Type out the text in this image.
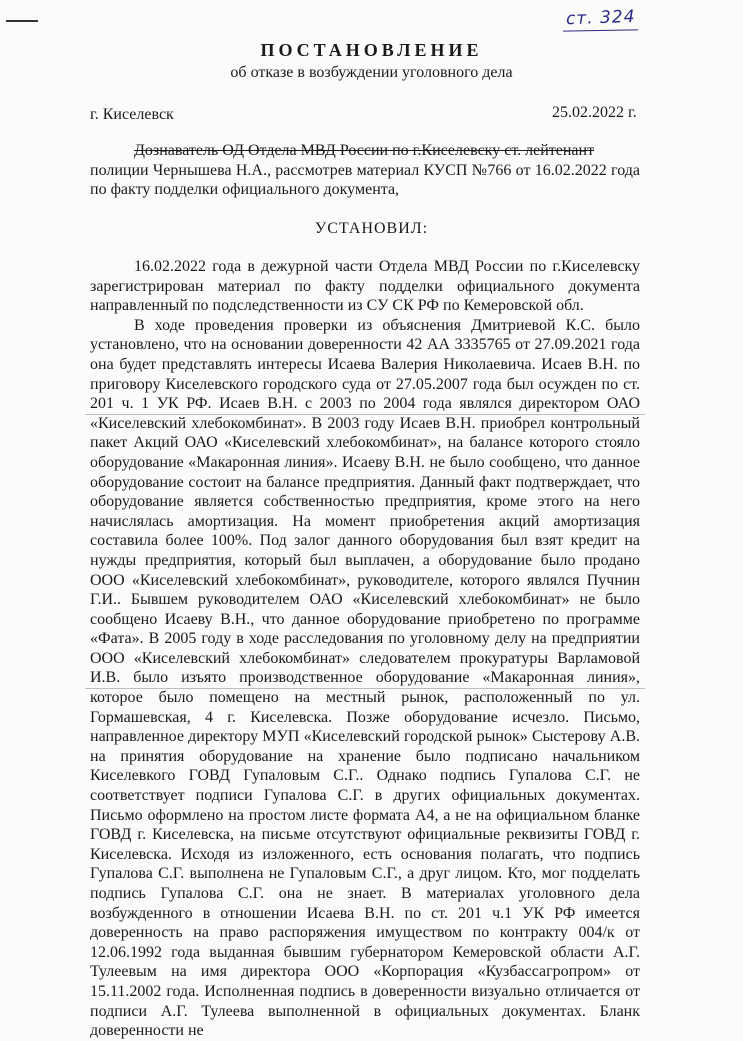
ст. 324
ПОСТАНОВЛЕНИЕ
об отказе в возбуждении уголовного дела
г. Киселевск	25.02.2022 г.
Дознаватель ОД Отдела МВД России по г.Киселевску ст. лейтенант
полиции Чернышева Н.А., рассмотрев материал КУСП №766 от 16.02.2022 года по факту подделки официального документа,
УСТАНОВИЛ:

16.02.2022 года в дежурной части Отдела МВД России по г.Киселевску зарегистрирован материал по факту подделки официального документа направленный по подследственности из СУ СК РФ по Кемеровской обл.

В ходе проведения проверки из объяснения Дмитриевой К.С. было установлено, что на основании доверенности 42 АА 3335765 от 27.09.2021 года она будет представлять интересы Исаева Валерия Николаевича. Исаев В.Н. по приговору Киселевского городского суда от 27.05.2007 года был осужден по ст. 201 ч. 1 УК РФ. Исаев В.Н. с 2003 по 2004 года являлся директором ОАО «Киселевский хлебокомбинат». В 2003 году Исаев В.Н. приобрел контрольный пакет Акций ОАО «Киселевский хлебокомбинат», на балансе которого стояло оборудование «Макаронная линия». Исаеву В.Н. не было сообщено, что данное оборудование состоит на балансе предприятия. Данный факт подтверждает, что оборудование является собственностью предприятия, кроме этого на него начислялась амортизация. На момент приобретения акций амортизация составила более 100%. Под залог данного оборудования был взят кредит на нужды предприятия, который был выплачен, а оборудование было продано ООО «Киселевский хлебокомбинат», руководителе, которого являлся Пучнин Г.И.. Бывшем руководителем ОАО «Киселевский хлебокомбинат» не было сообщено Исаеву В.Н., что данное оборудование приобретено по программе «Фата». В 2005 году в ходе расследования по уголовному делу на предприятии ООО «Киселевский хлебокомбинат» следователем прокуратуры Варламовой И.В. было изъято производственное оборудование «Макаронная линия», которое было помещено на местный рынок, расположенный по ул. Гормашевская, 4 г. Киселевска. Позже оборудование исчезло. Письмо, направленное директору МУП «Киселевский городской рынок» Сыстерову А.В. на принятия оборудование на хранение было подписано начальником Киселевкого ГОВД Гупаловым С.Г.. Однако подпись Гупалова С.Г. не соответствует подписи Гупалова С.Г. в других официальных документах. Письмо оформлено на простом листе формата А4, а не на официальном бланке ГОВД г. Киселевска, на письме отсутствуют официальные реквизиты ГОВД г. Киселевска. Исходя из изложенного, есть основания полагать, что подпись Гупалова С.Г. выполнена не Гупаловым С.Г., а друг лицом. Кто, мог подделать подпись Гупалова С.Г. она не знает. В материалах уголовного дела возбужденного в отношении Исаева В.Н. по ст. 201 ч.1 УК РФ имеется доверенность на право распоряжения имуществом по контракту 004/к от 12.06.1992 года выданная бывшим губернатором Кемеровской области А.Г. Тулеевым на имя директора ООО «Корпорация «Кузбассагропром» от 15.11.2002 года. Исполненная подпись в доверенности визуально отличается от подписи А.Г. Тулеева выполненной в официальных документах. Бланк доверенности не
